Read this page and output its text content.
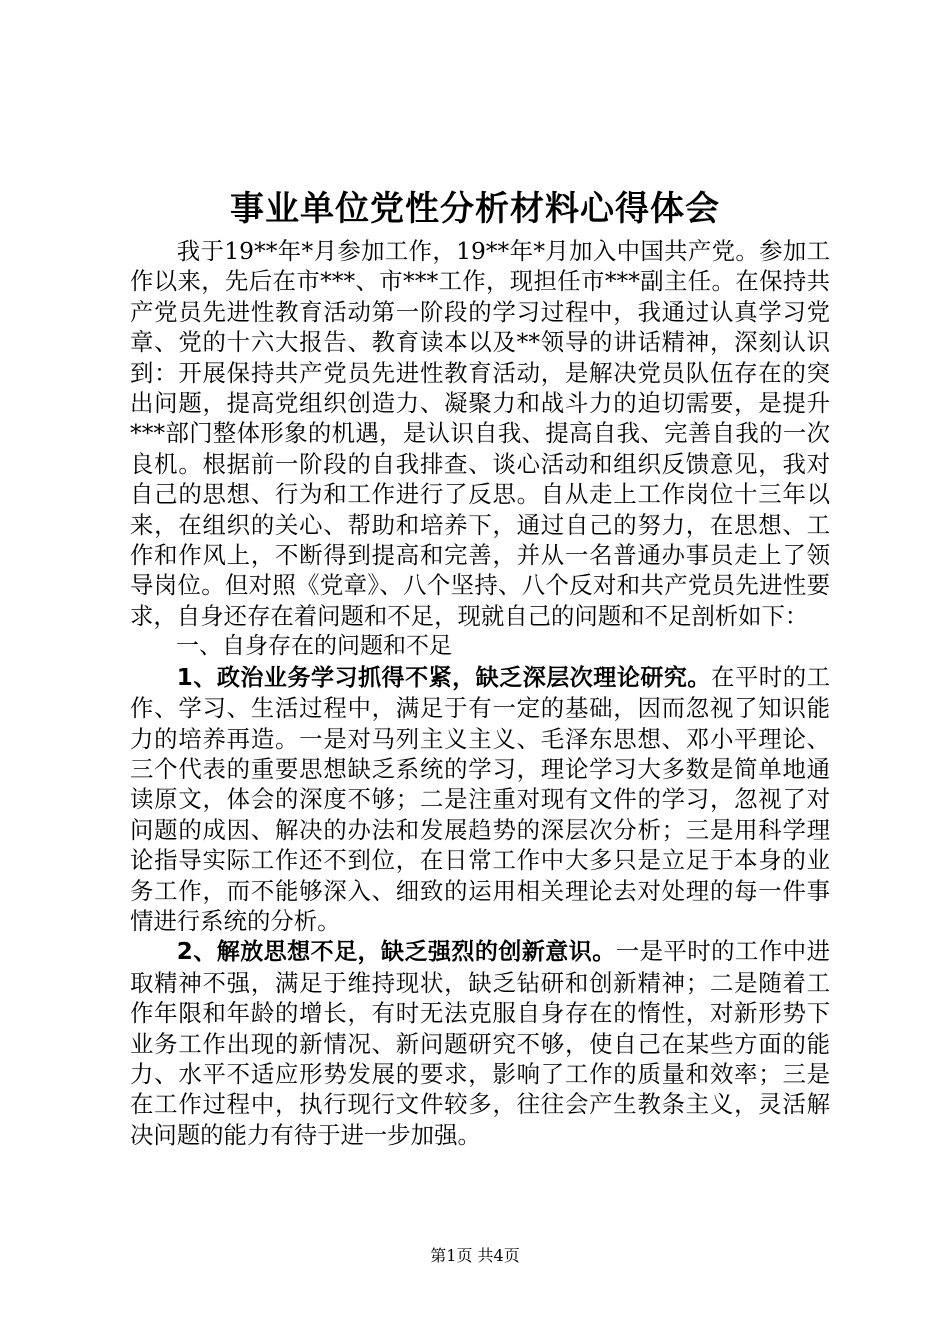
事业单位党性分析材料心得体会

我于19**年*月参加工作，19**年*月加入中国共产党。参加工作以来，先后在市***、市***工作，现担任市***副主任。在保持共产党员先进性教育活动第一阶段的学习过程中，我通过认真学习党章、党的十六大报告、教育读本以及**领导的讲话精神，深刻认识到：开展保持共产党员先进性教育活动，是解决党员队伍存在的突出问题，提高党组织创造力、凝聚力和战斗力的迫切需要，是提升***部门整体形象的机遇，是认识自我、提高自我、完善自我的一次良机。根据前一阶段的自我排查、谈心活动和组织反馈意见，我对自己的思想、行为和工作进行了反思。自从走上工作岗位十三年以来，在组织的关心、帮助和培养下，通过自己的努力，在思想、工作和作风上，不断得到提高和完善，并从一名普通办事员走上了领导岗位。但对照《党章》、八个坚持、八个反对和共产党员先进性要求，自身还存在着问题和不足，现就自己的问题和不足剖析如下：

一、自身存在的问题和不足

1、政治业务学习抓得不紧，缺乏深层次理论研究。在平时的工作、学习、生活过程中，满足于有一定的基础，因而忽视了知识能力的培养再造。一是对马列主义主义、毛泽东思想、邓小平理论、三个代表的重要思想缺乏系统的学习，理论学习大多数是简单地通读原文，体会的深度不够；二是注重对现有文件的学习，忽视了对问题的成因、解决的办法和发展趋势的深层次分析；三是用科学理论指导实际工作还不到位，在日常工作中大多只是立足于本身的业务工作，而不能够深入、细致的运用相关理论去对处理的每一件事情进行系统的分析。

2、解放思想不足，缺乏强烈的创新意识。一是平时的工作中进取精神不强，满足于维持现状，缺乏钻研和创新精神；二是随着工作年限和年龄的增长，有时无法克服自身存在的惰性，对新形势下业务工作出现的新情况、新问题研究不够，使自己在某些方面的能力、水平不适应形势发展的要求，影响了工作的质量和效率；三是在工作过程中，执行现行文件较多，往往会产生教条主义，灵活解决问题的能力有待于进一步加强。

第1页 共4页
